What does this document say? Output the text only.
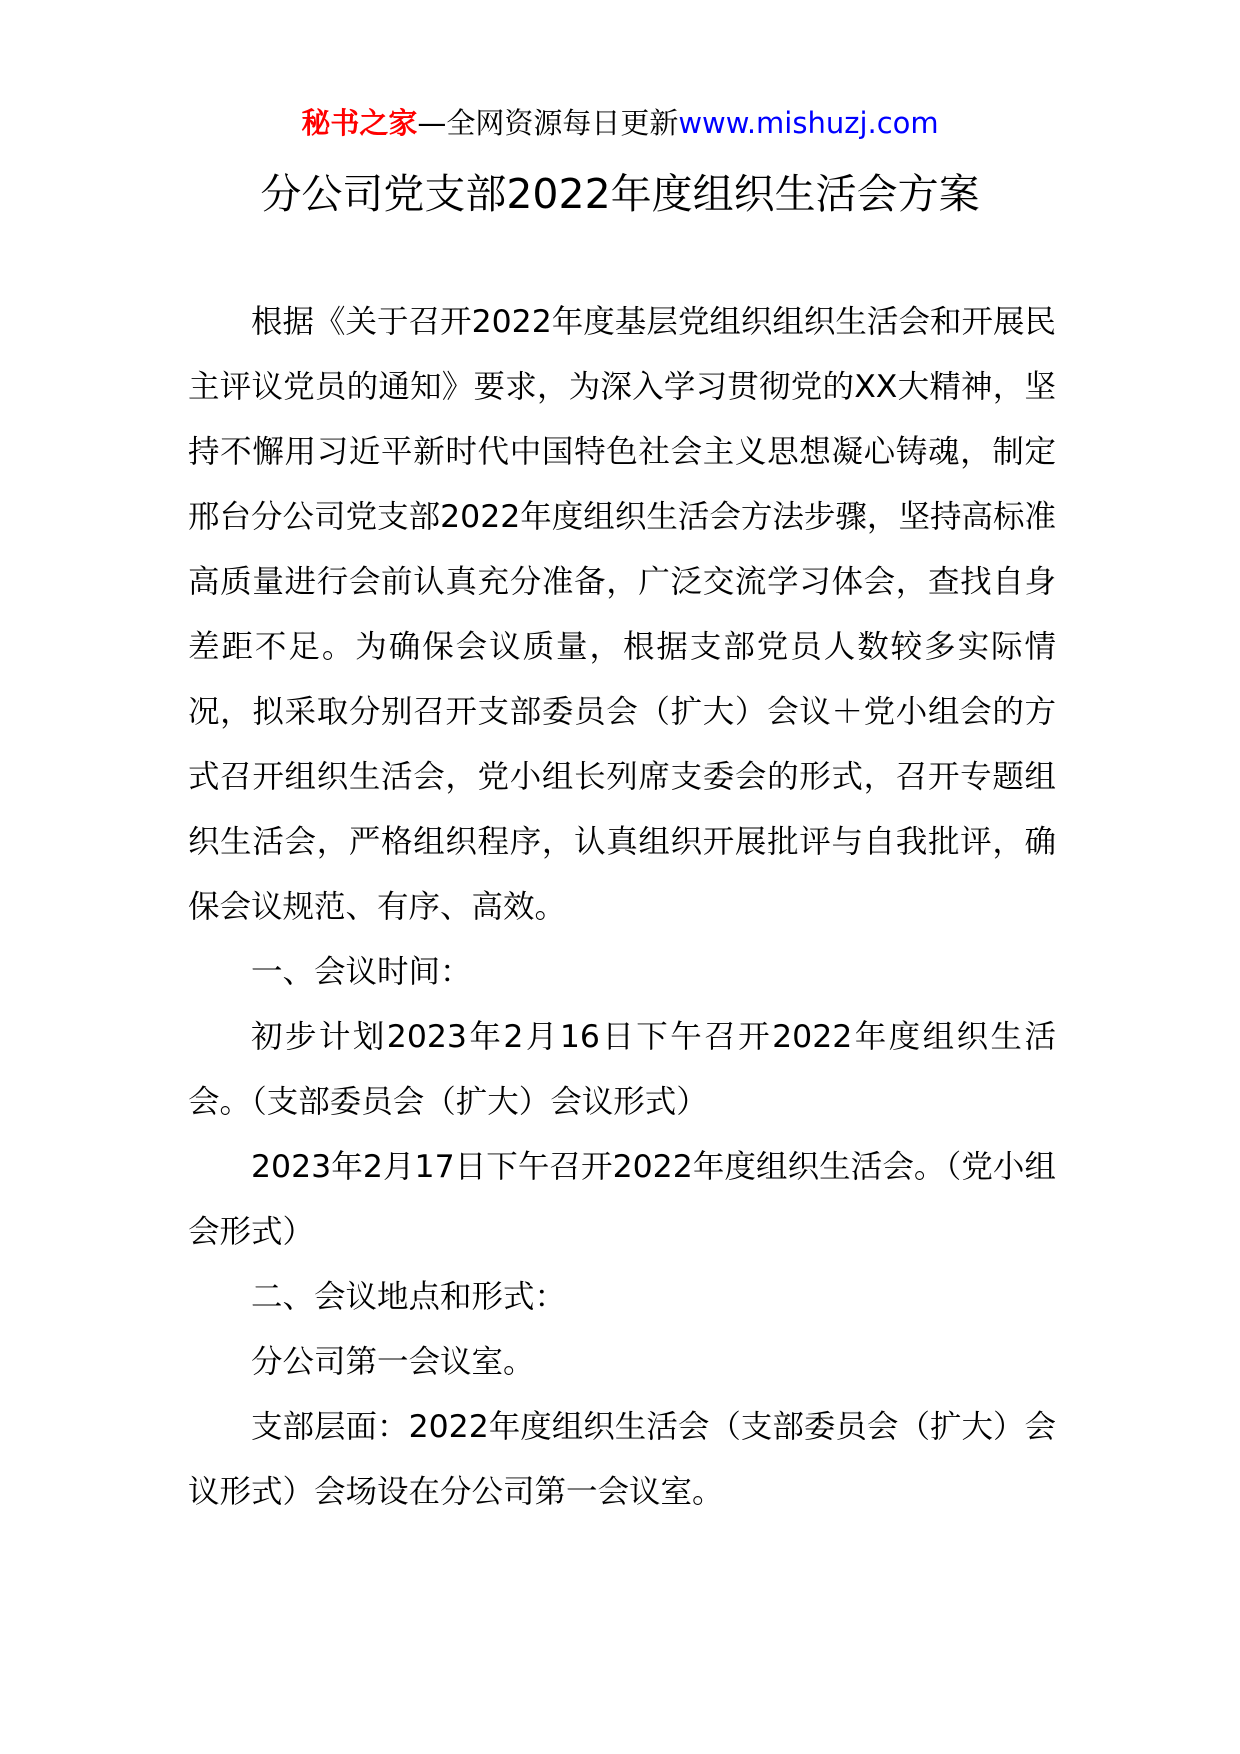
秘书之家—全网资源每日更新www.mishuzj.com
分公司党支部2022年度组织生活会方案

根据《关于召开2022年度基层党组织组织生活会和开展民主评议党员的通知》要求，为深入学习贯彻党的XX大精神，坚持不懈用习近平新时代中国特色社会主义思想凝心铸魂，制定邢台分公司党支部2022年度组织生活会方法步骤，坚持高标准高质量进行会前认真充分准备，广泛交流学习体会，查找自身差距不足。为确保会议质量，根据支部党员人数较多实际情况，拟采取分别召开支部委员会（扩大）会议＋党小组会的方式召开组织生活会，党小组长列席支委会的形式，召开专题组织生活会，严格组织程序，认真组织开展批评与自我批评，确保会议规范、有序、高效。

一、会议时间：

初步计划2023年2月16日下午召开2022年度组织生活会。（支部委员会（扩大）会议形式）

2023年2月17日下午召开2022年度组织生活会。（党小组会形式）

二、会议地点和形式：

分公司第一会议室。

支部层面：2022年度组织生活会（支部委员会（扩大）会议形式）会场设在分公司第一会议室。
